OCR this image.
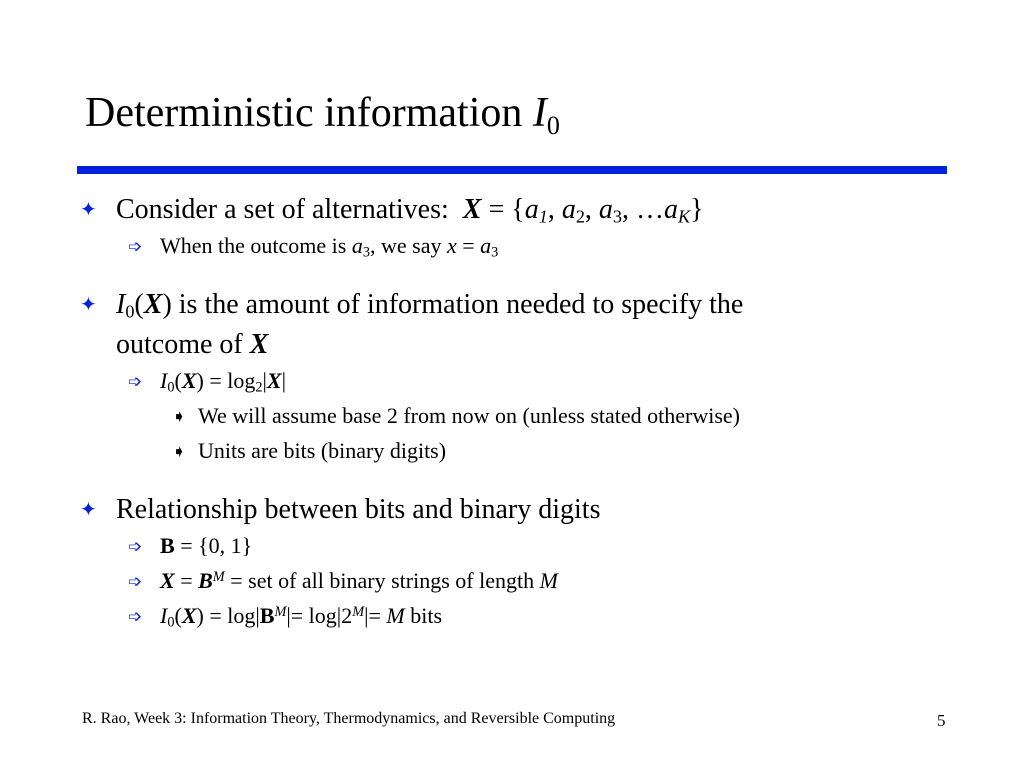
Deterministic information $I_0$
✦ Consider a set of alternatives: $X = \{a_1$, $a_2$, $a_3$, $\dots a_K$}
➩ When the outcome is $a_3$, we say $x = a_3$
✦ $I_0(X)$ is the amount of information needed to specify the
outcome of X
➩ $I_0(X) = \log_2|X|$
➧ We will assume base 2 from now on (unless stated otherwise)
➧ Units are bits (binary digits)
✦ Relationship between bits and binary digits
➩ B = {0, 1}
➩ $X = B^M$ = set of all binary strings of length M
➩ $I_0(X) = \log|B^M|= \log|2^M|= M$ bits
R. Rao, Week 3: Information Theory, Thermodynamics, and Reversible Computing	5
